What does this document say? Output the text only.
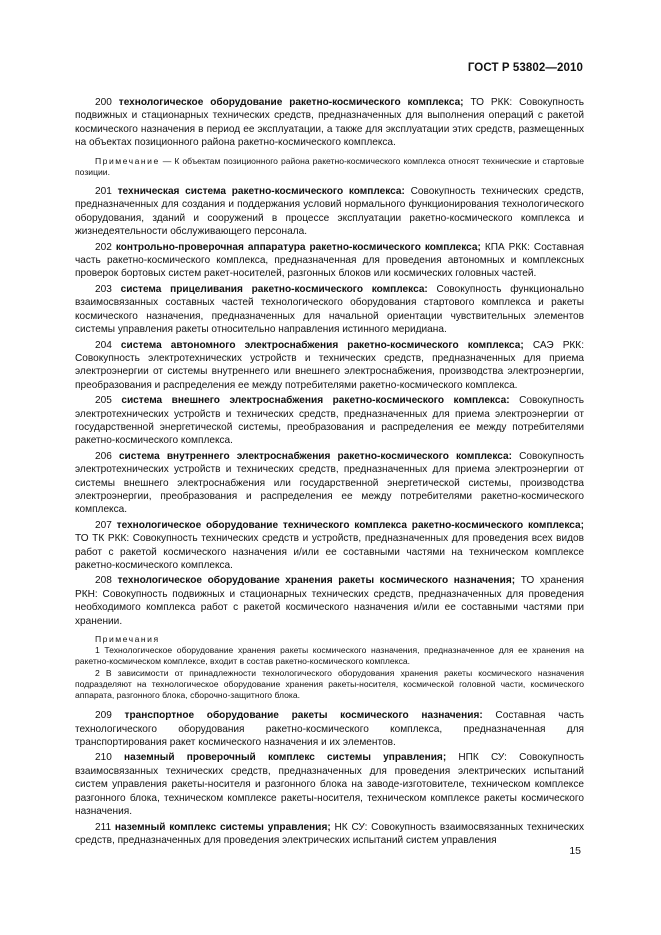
ГОСТ Р 53802—2010

200 технологическое оборудование ракетно-космического комплекса; ТО РКК: Совокупность подвижных и стационарных технических средств, предназначенных для выполнения операций с ракетой космического назначения в период ее эксплуатации, а также для эксплуатации этих средств, размещенных на объектах позиционного района ракетно-космического комплекса.

Примечание — К объектам позиционного района ракетно-космического комплекса относят технические и стартовые позиции.

201 техническая система ракетно-космического комплекса: Совокупность технических средств, предназначенных для создания и поддержания условий нормального функционирования технологического оборудования, зданий и сооружений в процессе эксплуатации ракетно-космического комплекса и жизнедеятельности обслуживающего персонала.

202 контрольно-проверочная аппаратура ракетно-космического комплекса; КПА РКК: Составная часть ракетно-космического комплекса, предназначенная для проведения автономных и комплексных проверок бортовых систем ракет-носителей, разгонных блоков или космических головных частей.

203 система прицеливания ракетно-космического комплекса: Совокупность функционально взаимосвязанных составных частей технологического оборудования стартового комплекса и ракеты космического назначения, предназначенных для начальной ориентации чувствительных элементов системы управления ракеты относительно направления истинного меридиана.

204 система автономного электроснабжения ракетно-космического комплекса; САЭ РКК: Совокупность электротехнических устройств и технических средств, предназначенных для приема электроэнергии от системы внутреннего или внешнего электроснабжения, производства электроэнергии, преобразования и распределения ее между потребителями ракетно-космического комплекса.

205 система внешнего электроснабжения ракетно-космического комплекса: Совокупность электротехнических устройств и технических средств, предназначенных для приема электроэнергии от государственной энергетической системы, преобразования и распределения ее между потребителями ракетно-космического комплекса.

206 система внутреннего электроснабжения ракетно-космического комплекса: Совокупность электротехнических устройств и технических средств, предназначенных для приема электроэнергии от системы внешнего электроснабжения или государственной энергетической системы, производства электроэнергии, преобразования и распределения ее между потребителями ракетно-космического комплекса.

207 технологическое оборудование технического комплекса ракетно-космического комплекса; ТО ТК РКК: Совокупность технических средств и устройств, предназначенных для проведения всех видов работ с ракетой космического назначения и/или ее составными частями на техническом комплексе ракетно-космического комплекса.

208 технологическое оборудование хранения ракеты космического назначения; ТО хранения РКН: Совокупность подвижных и стационарных технических средств, предназначенных для проведения необходимого комплекса работ с ракетой космического назначения и/или ее составными частями при хранении.

Примечания

1 Технологическое оборудование хранения ракеты космического назначения, предназначенное для ее хранения на ракетно-космическом комплексе, входит в состав ракетно-космического комплекса.

2 В зависимости от принадлежности технологического оборудования хранения ракеты космического назначения подразделяют на технологическое оборудование хранения ракеты-носителя, космической головной части, космического аппарата, разгонного блока, сборочно-защитного блока.

209 транспортное оборудование ракеты космического назначения: Составная часть технологического оборудования ракетно-космического комплекса, предназначенная для транспортирования ракет космического назначения и их элементов.

210 наземный проверочный комплекс системы управления; НПК СУ: Совокупность взаимосвязанных технических средств, предназначенных для проведения электрических испытаний систем управления ракеты-носителя и разгонного блока на заводе-изготовителе, техническом комплексе разгонного блока, техническом комплексе ракеты-носителя, техническом комплексе ракеты космического назначения.

211 наземный комплекс системы управления; НК СУ: Совокупность взаимосвязанных технических средств, предназначенных для проведения электрических испытаний систем управления

15
